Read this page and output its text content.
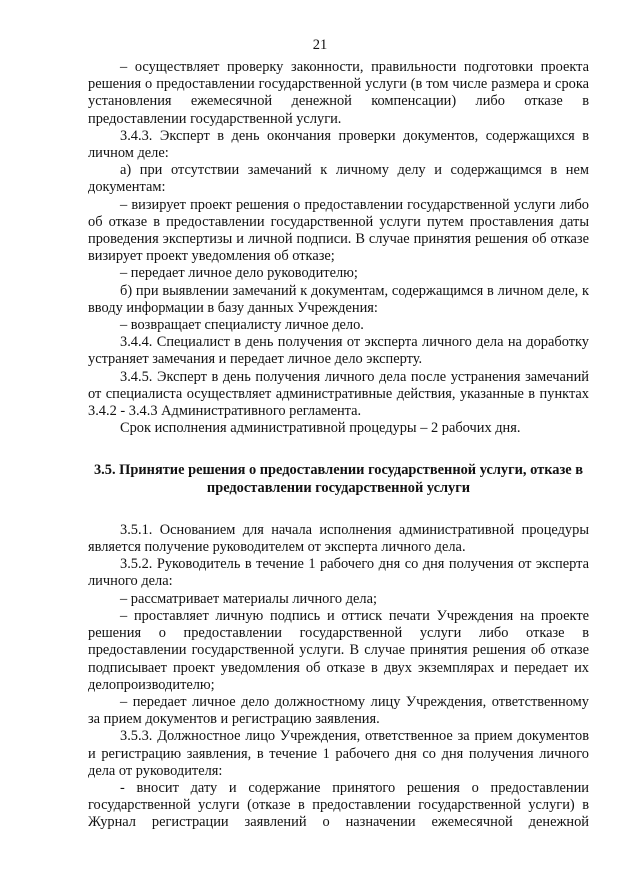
21

– осуществляет проверку законности, правильности подготовки проекта решения о предоставлении государственной услуги (в том числе размера и срока установления ежемесячной денежной компенсации) либо отказе в предоставлении государственной услуги.

3.4.3. Эксперт в день окончания проверки документов, содержащихся в личном деле:

а) при отсутствии замечаний к личному делу и содержащимся в нем документам:

– визирует проект решения о предоставлении государственной услуги либо об отказе в предоставлении государственной услуги путем проставления даты проведения экспертизы и личной подписи. В случае принятия решения об отказе визирует проект уведомления об отказе;

– передает личное дело руководителю;

б) при выявлении замечаний к документам, содержащимся в личном деле, к вводу информации в базу данных Учреждения:

– возвращает специалисту личное дело.

3.4.4. Специалист в день получения от эксперта личного дела на доработку устраняет замечания и передает личное дело эксперту.

3.4.5. Эксперт в день получения личного дела после устранения замечаний от специалиста осуществляет административные действия, указанные в пунктах 3.4.2 - 3.4.3 Административного регламента.

Срок исполнения административной процедуры – 2 рабочих дня.

3.5. Принятие решения о предоставлении государственной услуги, отказе в предоставлении государственной услуги

3.5.1. Основанием для начала исполнения административной процедуры является получение руководителем от эксперта личного дела.

3.5.2. Руководитель в течение 1 рабочего дня со дня получения от эксперта личного дела:

– рассматривает материалы личного дела;

– проставляет личную подпись и оттиск печати Учреждения на проекте решения о предоставлении государственной услуги либо отказе в предоставлении государственной услуги. В случае принятия решения об отказе подписывает проект уведомления об отказе в двух экземплярах и передает их делопроизводителю;

– передает личное дело должностному лицу Учреждения, ответственному за прием документов и регистрацию заявления.

3.5.3. Должностное лицо Учреждения, ответственное за прием документов и регистрацию заявления, в течение 1 рабочего дня со дня получения личного дела от руководителя:

- вносит дату и содержание принятого решения о предоставлении государственной услуги (отказе в предоставлении государственной услуги) в Журнал регистрации заявлений о назначении ежемесячной денежной
